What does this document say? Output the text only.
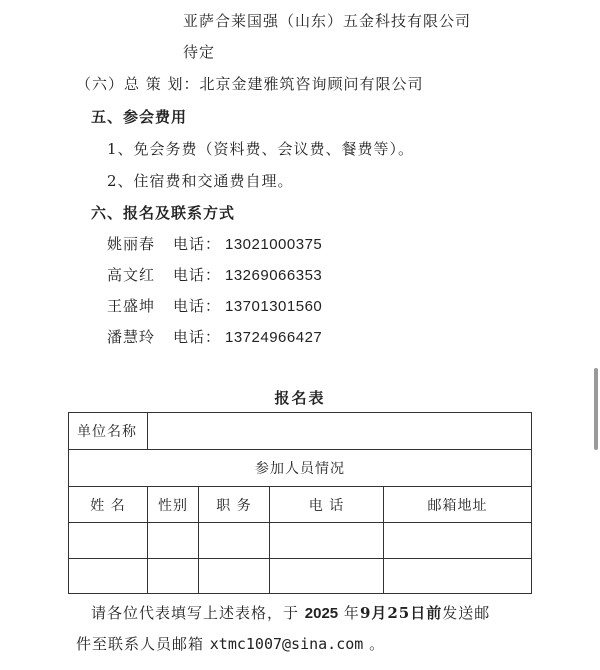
亚萨合莱国强（山东）五金科技有限公司
待定
（六）总 策 划：北京金建雅筑咨询顾问有限公司
五、参会费用
1、免会务费（资料费、会议费、餐费等）。
2、住宿费和交通费自理。
六、报名及联系方式
姚丽春 电话： 13021000375
高文红 电话： 13269066353
王盛坤 电话： 13701301560
潘慧玲 电话： 13724966427
报名表
单位名称				
参加人员情况				
姓 名	性别	职 务	电 话	邮箱地址

请各位代表填写上述表格，于 2025 年9月25日前发送邮
件至联系人员邮箱 xtmc1007@sina.com 。
